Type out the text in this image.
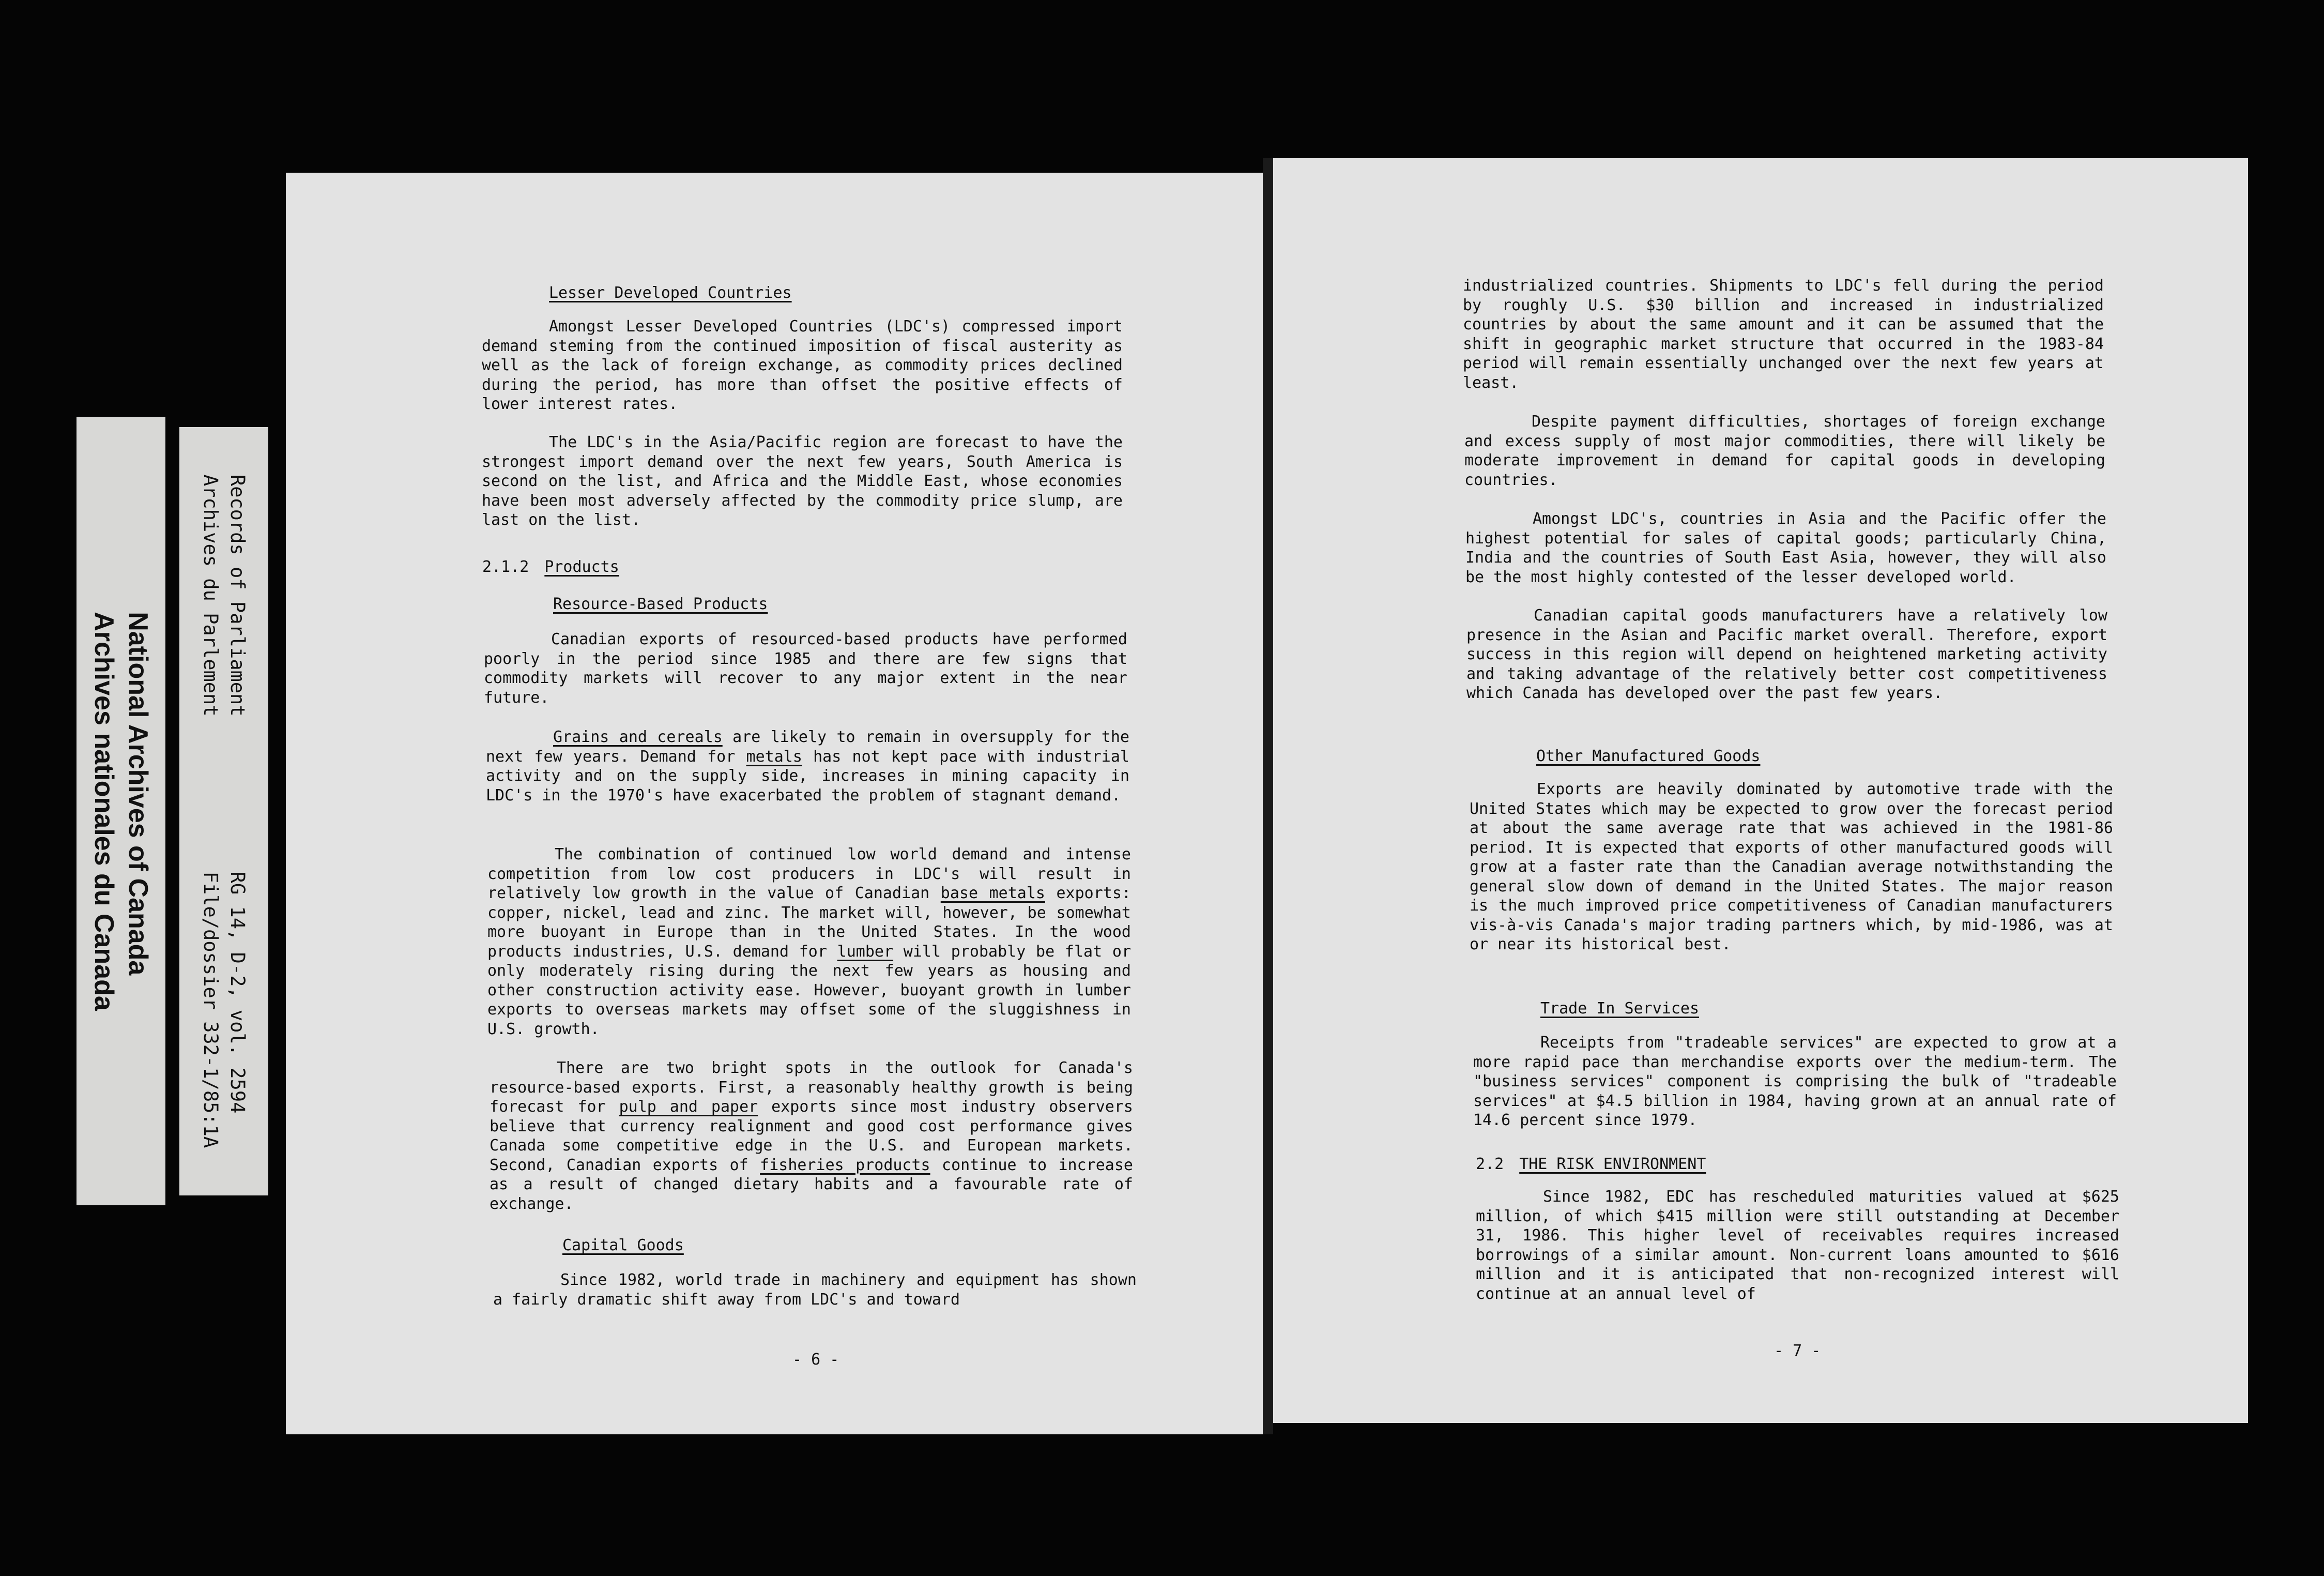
National Archives of Canada
Archives nationales du Canada
Records of Parliament
Archives du Parlement
RG 14, D-2, vol. 2594
File/dossier 332-1/85:1A
Lesser Developed Countries
Amongst Lesser Developed Countries (LDC's) compressed import demand steming from the continued imposition of fiscal austerity as well as the lack of foreign exchange, as commodity prices declined during the period, has more than offset the positive effects of lower interest rates.
The LDC's in the Asia/Pacific region are forecast to have the strongest import demand over the next few years, South America is second on the list, and Africa and the Middle East, whose economies have been most adversely affected by the commodity price slump, are last on the list.
2.1.2 Products
Resource-Based Products
Canadian exports of resourced-based products have performed poorly in the period since 1985 and there are few signs that commodity markets will recover to any major extent in the near future.
Grains and cereals are likely to remain in oversupply for the next few years. Demand for metals has not kept pace with industrial activity and on the supply side, increases in mining capacity in LDC's in the 1970's have exacerbated the problem of stagnant demand.
The combination of continued low world demand and intense competition from low cost producers in LDC's will result in relatively low growth in the value of Canadian base metals exports: copper, nickel, lead and zinc. The market will, however, be somewhat more buoyant in Europe than in the United States. In the wood products industries, U.S. demand for lumber will probably be flat or only moderately rising during the next few years as housing and other construction activity ease. However, buoyant growth in lumber exports to overseas markets may offset some of the sluggishness in U.S. growth.
There are two bright spots in the outlook for Canada's resource-based exports. First, a reasonably healthy growth is being forecast for pulp and paper exports since most industry observers believe that currency realignment and good cost performance gives Canada some competitive edge in the U.S. and European markets. Second, Canadian exports of fisheries products continue to increase as a result of changed dietary habits and a favourable rate of exchange.
Capital Goods
Since 1982, world trade in machinery and equipment has shown a fairly dramatic shift away from LDC's and toward
- 6 -
industrialized countries. Shipments to LDC's fell during the period by roughly U.S. $30 billion and increased in industrialized countries by about the same amount and it can be assumed that the shift in geographic market structure that occurred in the 1983-84 period will remain essentially unchanged over the next few years at least.
Despite payment difficulties, shortages of foreign exchange and excess supply of most major commodities, there will likely be moderate improvement in demand for capital goods in developing countries.
Amongst LDC's, countries in Asia and the Pacific offer the highest potential for sales of capital goods; particularly China, India and the countries of South East Asia, however, they will also be the most highly contested of the lesser developed world.
Canadian capital goods manufacturers have a relatively low presence in the Asian and Pacific market overall. Therefore, export success in this region will depend on heightened marketing activity and taking advantage of the relatively better cost competitiveness which Canada has developed over the past few years.
Other Manufactured Goods
Exports are heavily dominated by automotive trade with the United States which may be expected to grow over the forecast period at about the same average rate that was achieved in the 1981-86 period. It is expected that exports of other manufactured goods will grow at a faster rate than the Canadian average notwithstanding the general slow down of demand in the United States. The major reason is the much improved price competitiveness of Canadian manufacturers vis-à-vis Canada's major trading partners which, by mid-1986, was at or near its historical best.
Trade In Services
Receipts from "tradeable services" are expected to grow at a more rapid pace than merchandise exports over the medium-term. The "business services" component is comprising the bulk of "tradeable services" at $4.5 billion in 1984, having grown at an annual rate of 14.6 percent since 1979.
2.2 THE RISK ENVIRONMENT
Since 1982, EDC has rescheduled maturities valued at $625 million, of which $415 million were still outstanding at December 31, 1986. This higher level of receivables requires increased borrowings of a similar amount. Non-current loans amounted to $616 million and it is anticipated that non-recognized interest will continue at an annual level of
- 7 -
